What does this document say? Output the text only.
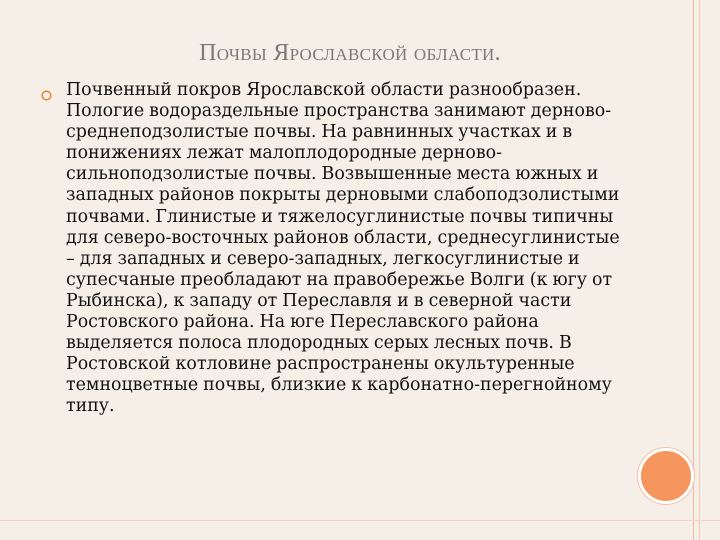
Почвы Ярославской области.
Почвенный покров Ярославской области разнообразен. Пологие водораздельные пространства занимают дерново-среднеподзолистые почвы. На равнинных участках и в понижениях лежат малоплодородные дерново-сильноподзолистые почвы. Возвышенные места южных и западных районов покрыты дерновыми слабоподзолистыми почвами. Глинистые и тяжелосуглинистые почвы типичны для северо-восточных районов области, среднесуглинистые – для западных и северо-западных, легкосуглинистые и супесчаные преобладают на правобережье Волги (к югу от Рыбинска), к западу от Переславля и в северной части Ростовского района. На юге Переславского района выделяется полоса плодородных серых лесных почв. В Ростовской котловине распространены окультуренные темноцветные почвы, близкие к карбонатно-перегнойному типу.
